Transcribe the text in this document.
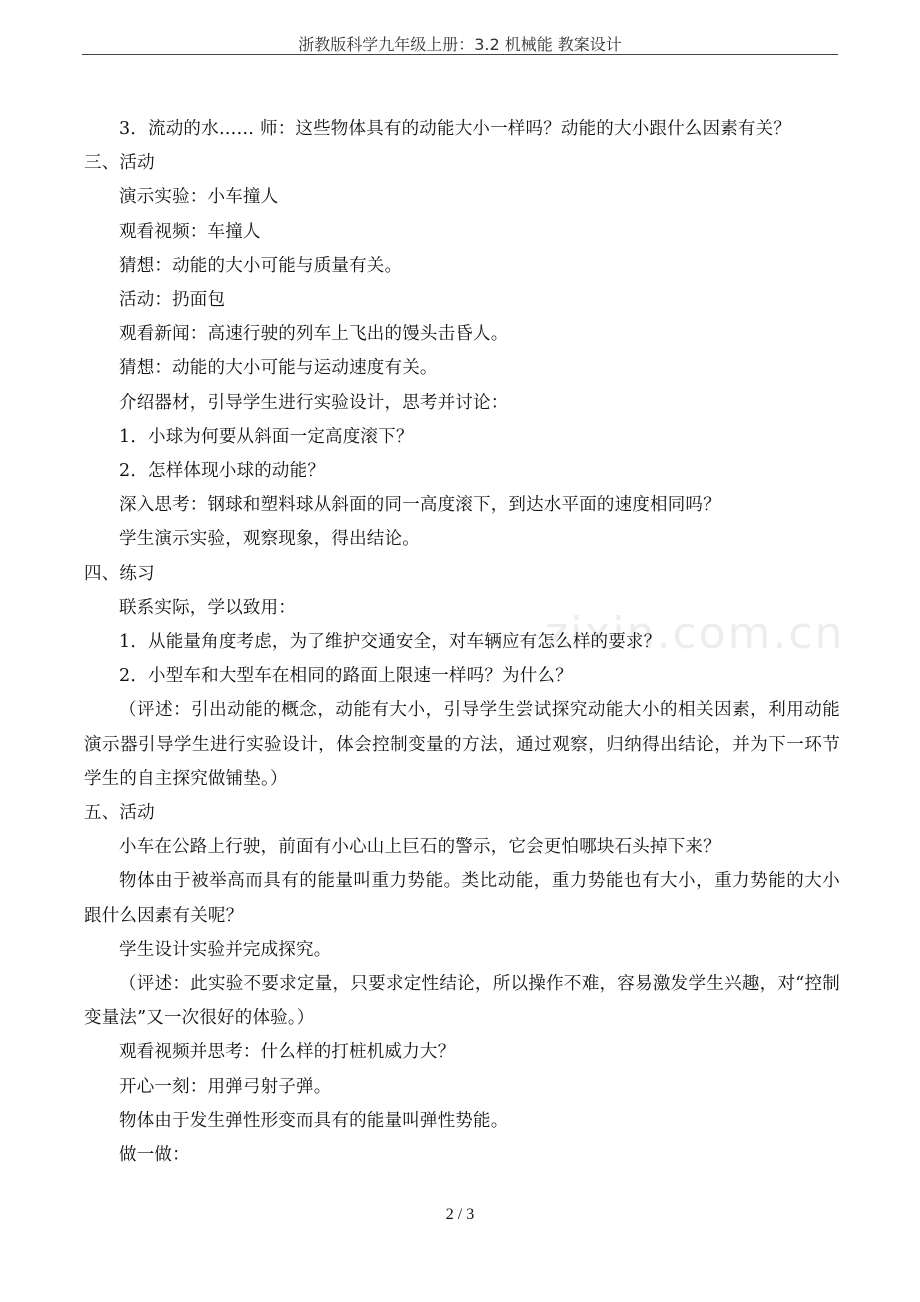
浙教版科学九年级上册：3.2 机械能 教案设计
zixin.com.cn

3．流动的水…… 师：这些物体具有的动能大小一样吗？动能的大小跟什么因素有关？

三、活动

演示实验：小车撞人

观看视频：车撞人

猜想：动能的大小可能与质量有关。

活动：扔面包

观看新闻：高速行驶的列车上飞出的馒头击昏人。

猜想：动能的大小可能与运动速度有关。

介绍器材，引导学生进行实验设计，思考并讨论：

1．小球为何要从斜面一定高度滚下？

2．怎样体现小球的动能？

深入思考：钢球和塑料球从斜面的同一高度滚下，到达水平面的速度相同吗？

学生演示实验，观察现象，得出结论。

四、练习

联系实际，学以致用：

1．从能量角度考虑，为了维护交通安全，对车辆应有怎么样的要求？

2．小型车和大型车在相同的路面上限速一样吗？为什么？

（评述：引出动能的概念，动能有大小，引导学生尝试探究动能大小的相关因素，利用动能演示器引导学生进行实验设计，体会控制变量的方法，通过观察，归纳得出结论，并为下一环节学生的自主探究做铺垫。）

五、活动

小车在公路上行驶，前面有小心山上巨石的警示，它会更怕哪块石头掉下来？

物体由于被举高而具有的能量叫重力势能。类比动能，重力势能也有大小，重力势能的大小跟什么因素有关呢？

学生设计实验并完成探究。

（评述：此实验不要求定量，只要求定性结论，所以操作不难，容易激发学生兴趣，对“控制变量法”又一次很好的体验。）

观看视频并思考：什么样的打桩机威力大？

开心一刻：用弹弓射子弹。

物体由于发生弹性形变而具有的能量叫弹性势能。

做一做：

2 / 3
